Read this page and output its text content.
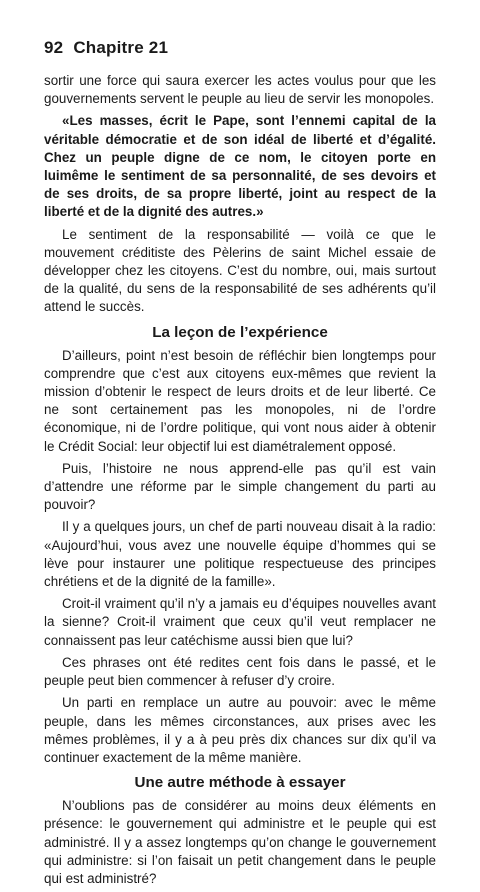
92 Chapitre 21

sortir une force qui saura exercer les actes voulus pour que les gouvernements servent le peuple au lieu de servir les monopoles.

«Les masses, écrit le Pape, sont l’ennemi capital de la véritable démocratie et de son idéal de liberté et d’égalité. Chez un peuple digne de ce nom, le citoyen porte en luimême le sentiment de sa personnalité, de ses devoirs et de ses droits, de sa propre liberté, joint au respect de la liberté et de la dignité des autres.»

Le sentiment de la responsabilité — voilà ce que le mouvement créditiste des Pèlerins de saint Michel essaie de développer chez les citoyens. C’est du nombre, oui, mais surtout de la qualité, du sens de la responsabilité de ses adhérents qu’il attend le succès.

La leçon de l’expérience

D’ailleurs, point n’est besoin de réfléchir bien longtemps pour comprendre que c’est aux citoyens eux-mêmes que revient la mission d’obtenir le respect de leurs droits et de leur liberté. Ce ne sont certainement pas les monopoles, ni de l’ordre économique, ni de l’ordre politique, qui vont nous aider à obtenir le Crédit Social: leur objectif lui est diamétralement opposé.

Puis, l’histoire ne nous apprend-elle pas qu’il est vain d’attendre une réforme par le simple changement du parti au pouvoir?

Il y a quelques jours, un chef de parti nouveau disait à la radio: «Aujourd’hui, vous avez une nouvelle équipe d’hommes qui se lève pour instaurer une politique respectueuse des principes chrétiens et de la dignité de la famille».

Croit-il vraiment qu’il n’y a jamais eu d’équipes nouvelles avant la sienne? Croit-il vraiment que ceux qu’il veut remplacer ne connaissent pas leur catéchisme aussi bien que lui?

Ces phrases ont été redites cent fois dans le passé, et le peuple peut bien commencer à refuser d’y croire.

Un parti en remplace un autre au pouvoir: avec le même peuple, dans les mêmes circonstances, aux prises avec les mêmes problèmes, il y a à peu près dix chances sur dix qu’il va continuer exactement de la même manière.

Une autre méthode à essayer

N’oublions pas de considérer au moins deux éléments en présence: le gouvernement qui administre et le peuple qui est administré. Il y a assez longtemps qu’on change le gouvernement qui administre: si l’on faisait un petit changement dans le peuple qui est administré?
